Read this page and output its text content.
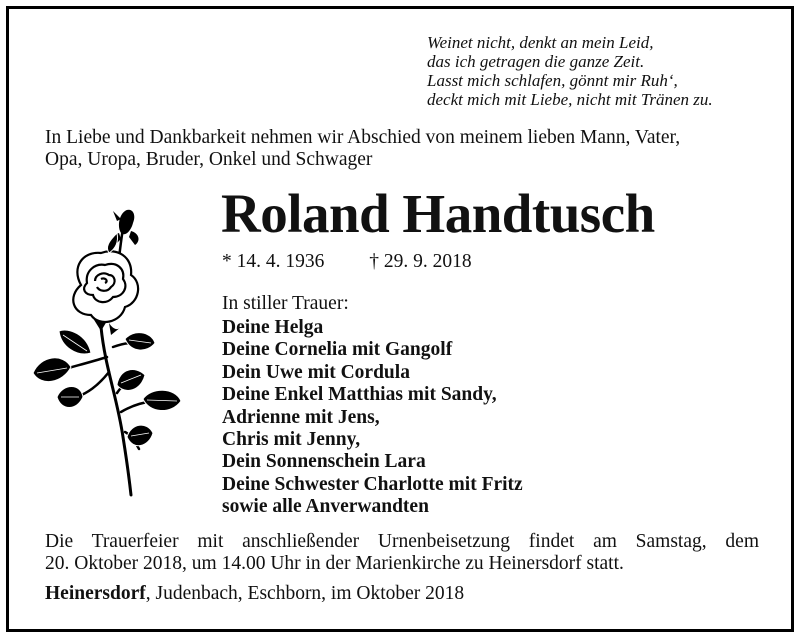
Weinet nicht, denkt an mein Leid,
das ich getragen die ganze Zeit.
Lasst mich schlafen, gönnt mir Ruh‘,
deckt mich mit Liebe, nicht mit Tränen zu.
In Liebe und Dankbarkeit nehmen wir Abschied von meinem lieben Mann, Vater,
Opa, Uropa, Bruder, Onkel und Schwager
Roland Handtusch
* 14. 4. 1936 † 29. 9. 2018
In stiller Trauer:
Deine Helga
Deine Cornelia mit Gangolf
Dein Uwe mit Cordula
Deine Enkel Matthias mit Sandy,
Adrienne mit Jens,
Chris mit Jenny,
Dein Sonnenschein Lara
Deine Schwester Charlotte mit Fritz
sowie alle Anverwandten
Die Trauerfeier mit anschließender Urnenbeisetzung findet am Samstag, dem
20. Oktober 2018, um 14.00 Uhr in der Marienkirche zu Heinersdorf statt.
Heinersdorf, Judenbach, Eschborn, im Oktober 2018
